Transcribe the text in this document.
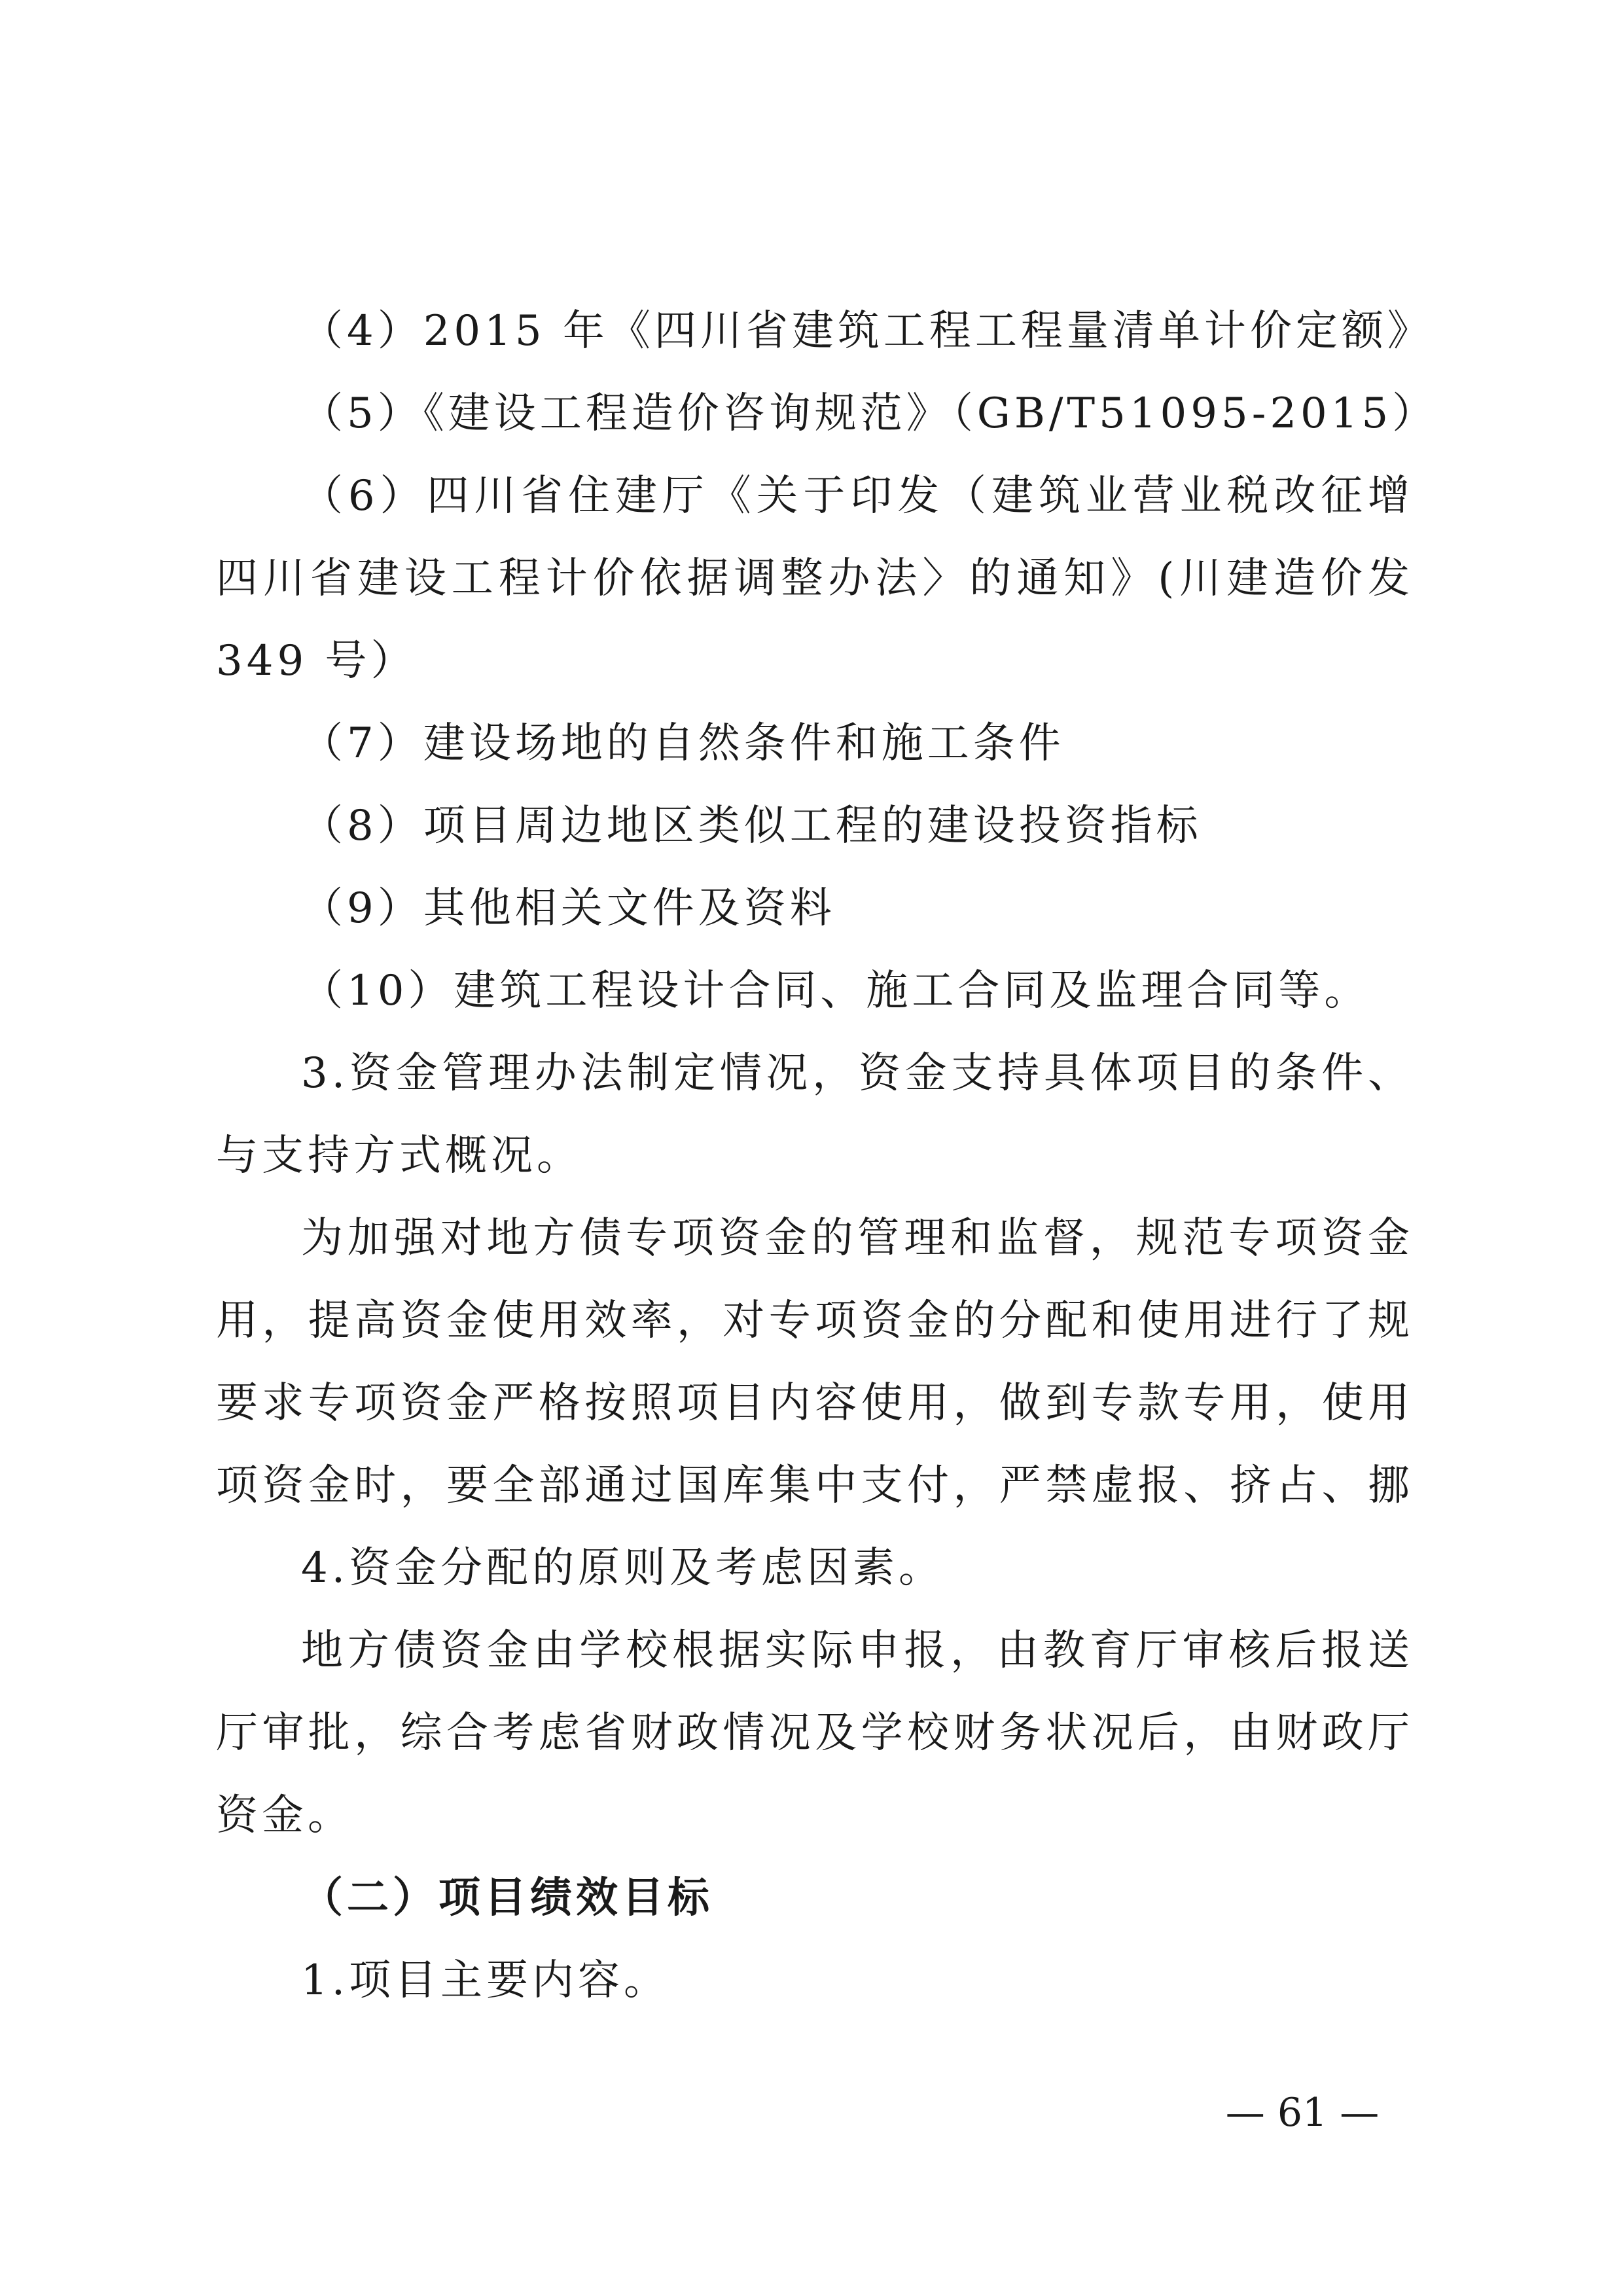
（4）2015 年《四川省建筑工程工程量清单计价定额》
（5）《建设工程造价咨询规范》（GB/T51095-2015）
（6）四川省住建厅《关于印发（建筑业营业税改征增
四川省建设工程计价依据调整办法〉的通知》(川建造价发
349 号）
（7）建设场地的自然条件和施工条件
（8）项目周边地区类似工程的建设投资指标
（9）其他相关文件及资料
（10）建筑工程设计合同、施工合同及监理合同等。
3.资金管理办法制定情况，资金支持具体项目的条件、
与支持方式概况。
为加强对地方债专项资金的管理和监督，规范专项资金
用，提高资金使用效率，对专项资金的分配和使用进行了规
要求专项资金严格按照项目内容使用，做到专款专用，使用
项资金时，要全部通过国库集中支付，严禁虚报、挤占、挪
4.资金分配的原则及考虑因素。
地方债资金由学校根据实际申报，由教育厅审核后报送
厅审批，综合考虑省财政情况及学校财务状况后，由财政厅
资金。
（二）项目绩效目标
1.项目主要内容。
— 61 —
